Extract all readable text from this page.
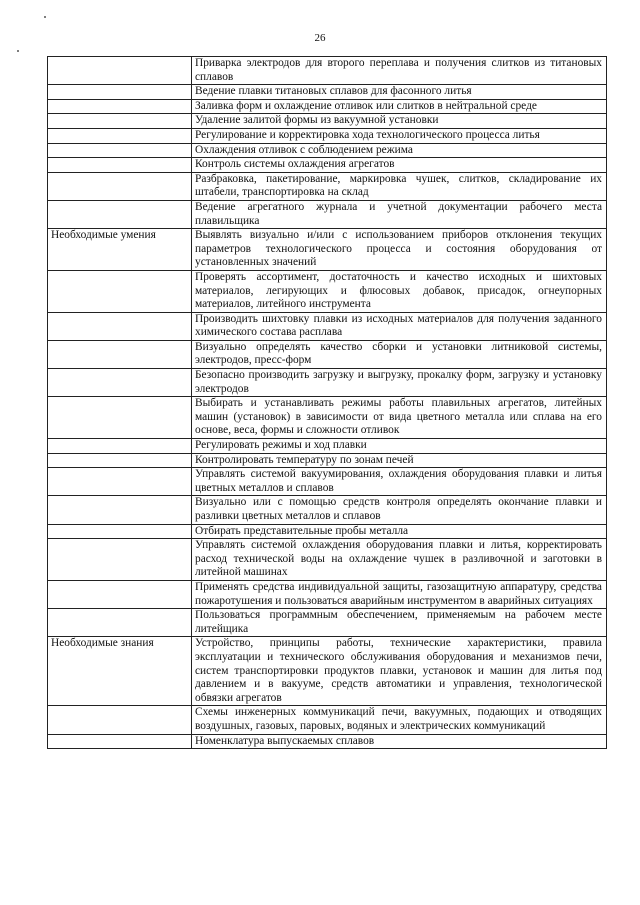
26
	Приварка электродов для второго переплава и получения слитков из титановых сплавов
	Ведение плавки титановых сплавов для фасонного литья
	Заливка форм и охлаждение отливок или слитков в нейтральной среде
	Удаление залитой формы из вакуумной установки
	Регулирование и корректировка хода технологического процесса литья
	Охлаждения отливок с соблюдением режима
	Контроль системы охлаждения агрегатов
	Разбраковка, пакетирование, маркировка чушек, слитков, складирование их штабели, транспортировка на склад
	Ведение агрегатного журнала и учетной документации рабочего места плавильщика
Необходимые умения	Выявлять визуально и/или с использованием приборов отклонения текущих параметров технологического процесса и состояния оборудования от установленных значений
	Проверять ассортимент, достаточность и качество исходных и шихтовых материалов, легирующих и флюсовых добавок, присадок, огнеупорных материалов, литейного инструмента
	Производить шихтовку плавки из исходных материалов для получения заданного химического состава расплава
	Визуально определять качество сборки и установки литниковой системы, электродов, пресс-форм
	Безопасно производить загрузку и выгрузку, прокалку форм, загрузку и установку электродов
	Выбирать и устанавливать режимы работы плавильных агрегатов, литейных машин (установок) в зависимости от вида цветного металла или сплава на его основе, веса, формы и сложности отливок
	Регулировать режимы и ход плавки
	Контролировать температуру по зонам печей
	Управлять системой вакуумирования, охлаждения оборудования плавки и литья цветных металлов и сплавов
	Визуально или с помощью средств контроля определять окончание плавки и разливки цветных металлов и сплавов
	Отбирать представительные пробы металла
	Управлять системой охлаждения оборудования плавки и литья, корректировать расход технической воды на охлаждение чушек в разливочной и заготовки в литейной машинах
	Применять средства индивидуальной защиты, газозащитную аппаратуру, средства пожаротушения и пользоваться аварийным инструментом в аварийных ситуациях
	Пользоваться программным обеспечением, применяемым на рабочем месте литейщика
Необходимые знания	Устройство, принципы работы, технические характеристики, правила эксплуатации и технического обслуживания оборудования и механизмов печи, систем транспортировки продуктов плавки, установок и машин для литья под давлением и в вакууме, средств автоматики и управления, технологической обвязки агрегатов
	Схемы инженерных коммуникаций печи, вакуумных, подающих и отводящих воздушных, газовых, паровых, водяных и электрических коммуникаций
	Номенклатура выпускаемых сплавов
